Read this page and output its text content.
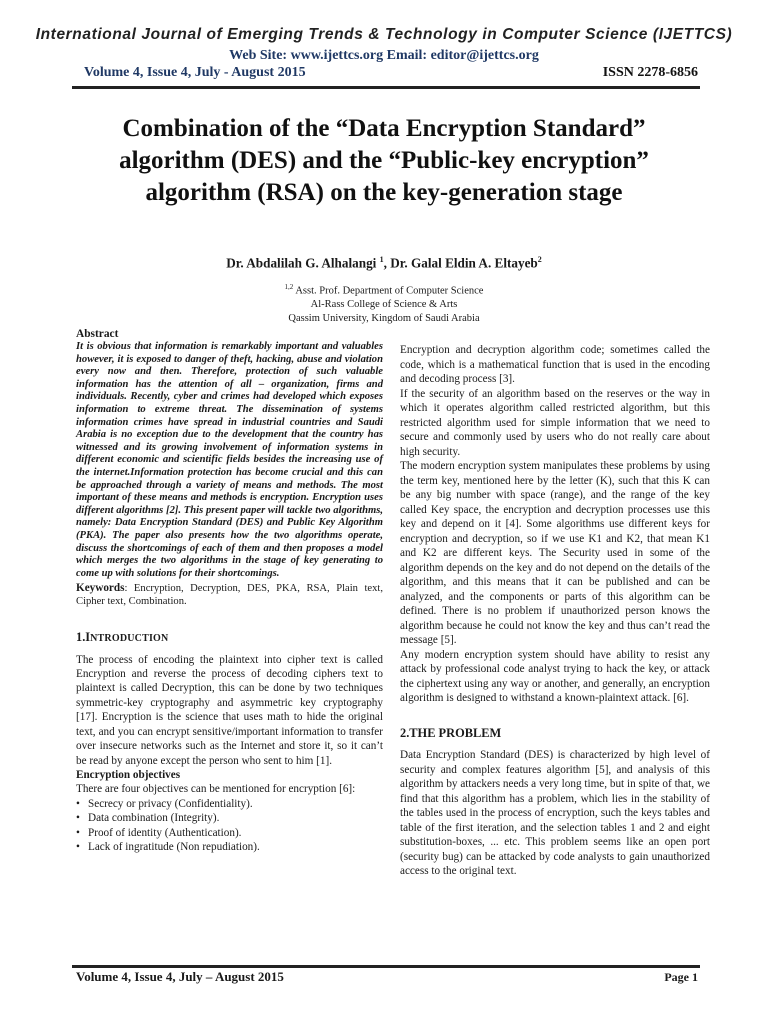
International Journal of Emerging Trends & Technology in Computer Science (IJETTCS)
Web Site: www.ijettcs.org Email: editor@ijettcs.org
Volume 4, Issue 4, July - August 2015	ISSN 2278-6856
Combination of the “Data Encryption Standard” algorithm (DES) and the “Public-key encryption” algorithm (RSA) on the key-generation stage
Dr. Abdalilah G. Alhalangi $^1$, Dr. Galal Eldin A. Eltayeb$^2$
$^{1,2}$ Asst. Prof. Department of Computer Science
Al-Rass College of Science & Arts
Qassim University, Kingdom of Saudi Arabia
Abstract

It is obvious that information is remarkably important and valuables however, it is exposed to danger of theft, hacking, abuse and violation every now and then. Therefore, protection of such valuable information has the attention of all – organization, firms and individuals. Recently, cyber and crimes had developed which exposes information to extreme threat. The dissemination of systems information crimes have spread in industrial countries and Saudi Arabia is no exception due to the development that the country has witnessed and its growing involvement of information systems in different economic and scientific fields besides the increasing use of the internet.Information protection has become crucial and this can be approached through a variety of means and methods. The most important of these means and methods is encryption. Encryption uses different algorithms [2]. This present paper will tackle two algorithms, namely: Data Encryption Standard (DES) and Public Key Algorithm (PKA). The paper also presents how the two algorithms operate, discuss the shortcomings of each of them and then proposes a model which merges the two algorithms in the stage of key generating to come up with solutions for their shortcomings.

Keywords: Encryption, Decryption, DES, PKA, RSA, Plain text, Cipher text, Combination.

1.INTRODUCTION

The process of encoding the plaintext into cipher text is called Encryption and reverse the process of decoding ciphers text to plaintext is called Decryption, this can be done by two techniques symmetric-key cryptography and asymmetric key cryptography [17]. Encryption is the science that uses math to hide the original text, and you can encrypt sensitive/important information to transfer over insecure networks such as the Internet and store it, so it can’t be read by anyone except the person who sent to him [1].

Encryption objectives

There are four objectives can be mentioned for encryption [6]:

• Secrecy or privacy (Confidentiality).
• Data combination (Integrity).
• Proof of identity (Authentication).
• Lack of ingratitude (Non repudiation).

Encryption and decryption algorithm code; sometimes called the code, which is a mathematical function that is used in the encoding and decoding process [3].

If the security of an algorithm based on the reserves or the way in which it operates algorithm called restricted algorithm, but this restricted algorithm used for simple information that we need to secure and commonly used by users who do not really care about high security.

The modern encryption system manipulates these problems by using the term key, mentioned here by the letter (K), such that this K can be any big number with space (range), and the range of the key called Key space, the encryption and decryption processes use this key and depend on it [4]. Some algorithms use different keys for encryption and decryption, so if we use K1 and K2, that mean K1 and K2 are different keys. The Security used in some of the algorithm depends on the key and do not depend on the details of the algorithm, and this means that it can be published and can be analyzed, and the components or parts of this algorithm can be defined. There is no problem if unauthorized person knows the algorithm because he could not know the key and thus can’t read the message [5].

Any modern encryption system should have ability to resist any attack by professional code analyst trying to hack the key, or attack the ciphertext using any way or another, and generally, an encryption algorithm is designed to withstand a known-plaintext attack. [6].

2.THE PROBLEM

Data Encryption Standard (DES) is characterized by high level of security and complex features algorithm [5], and analysis of this algorithm by attackers needs a very long time, but in spite of that, we find that this algorithm has a problem, which lies in the stability of the tables used in the process of encryption, such the keys tables and table of the first iteration, and the selection tables 1 and 2 and eight substitution-boxes, ... etc. This problem seems like an open port (security bug) can be attacked by code analysts to gain unauthorized access to the original text.

Volume 4, Issue 4, July – August 2015	Page 1
